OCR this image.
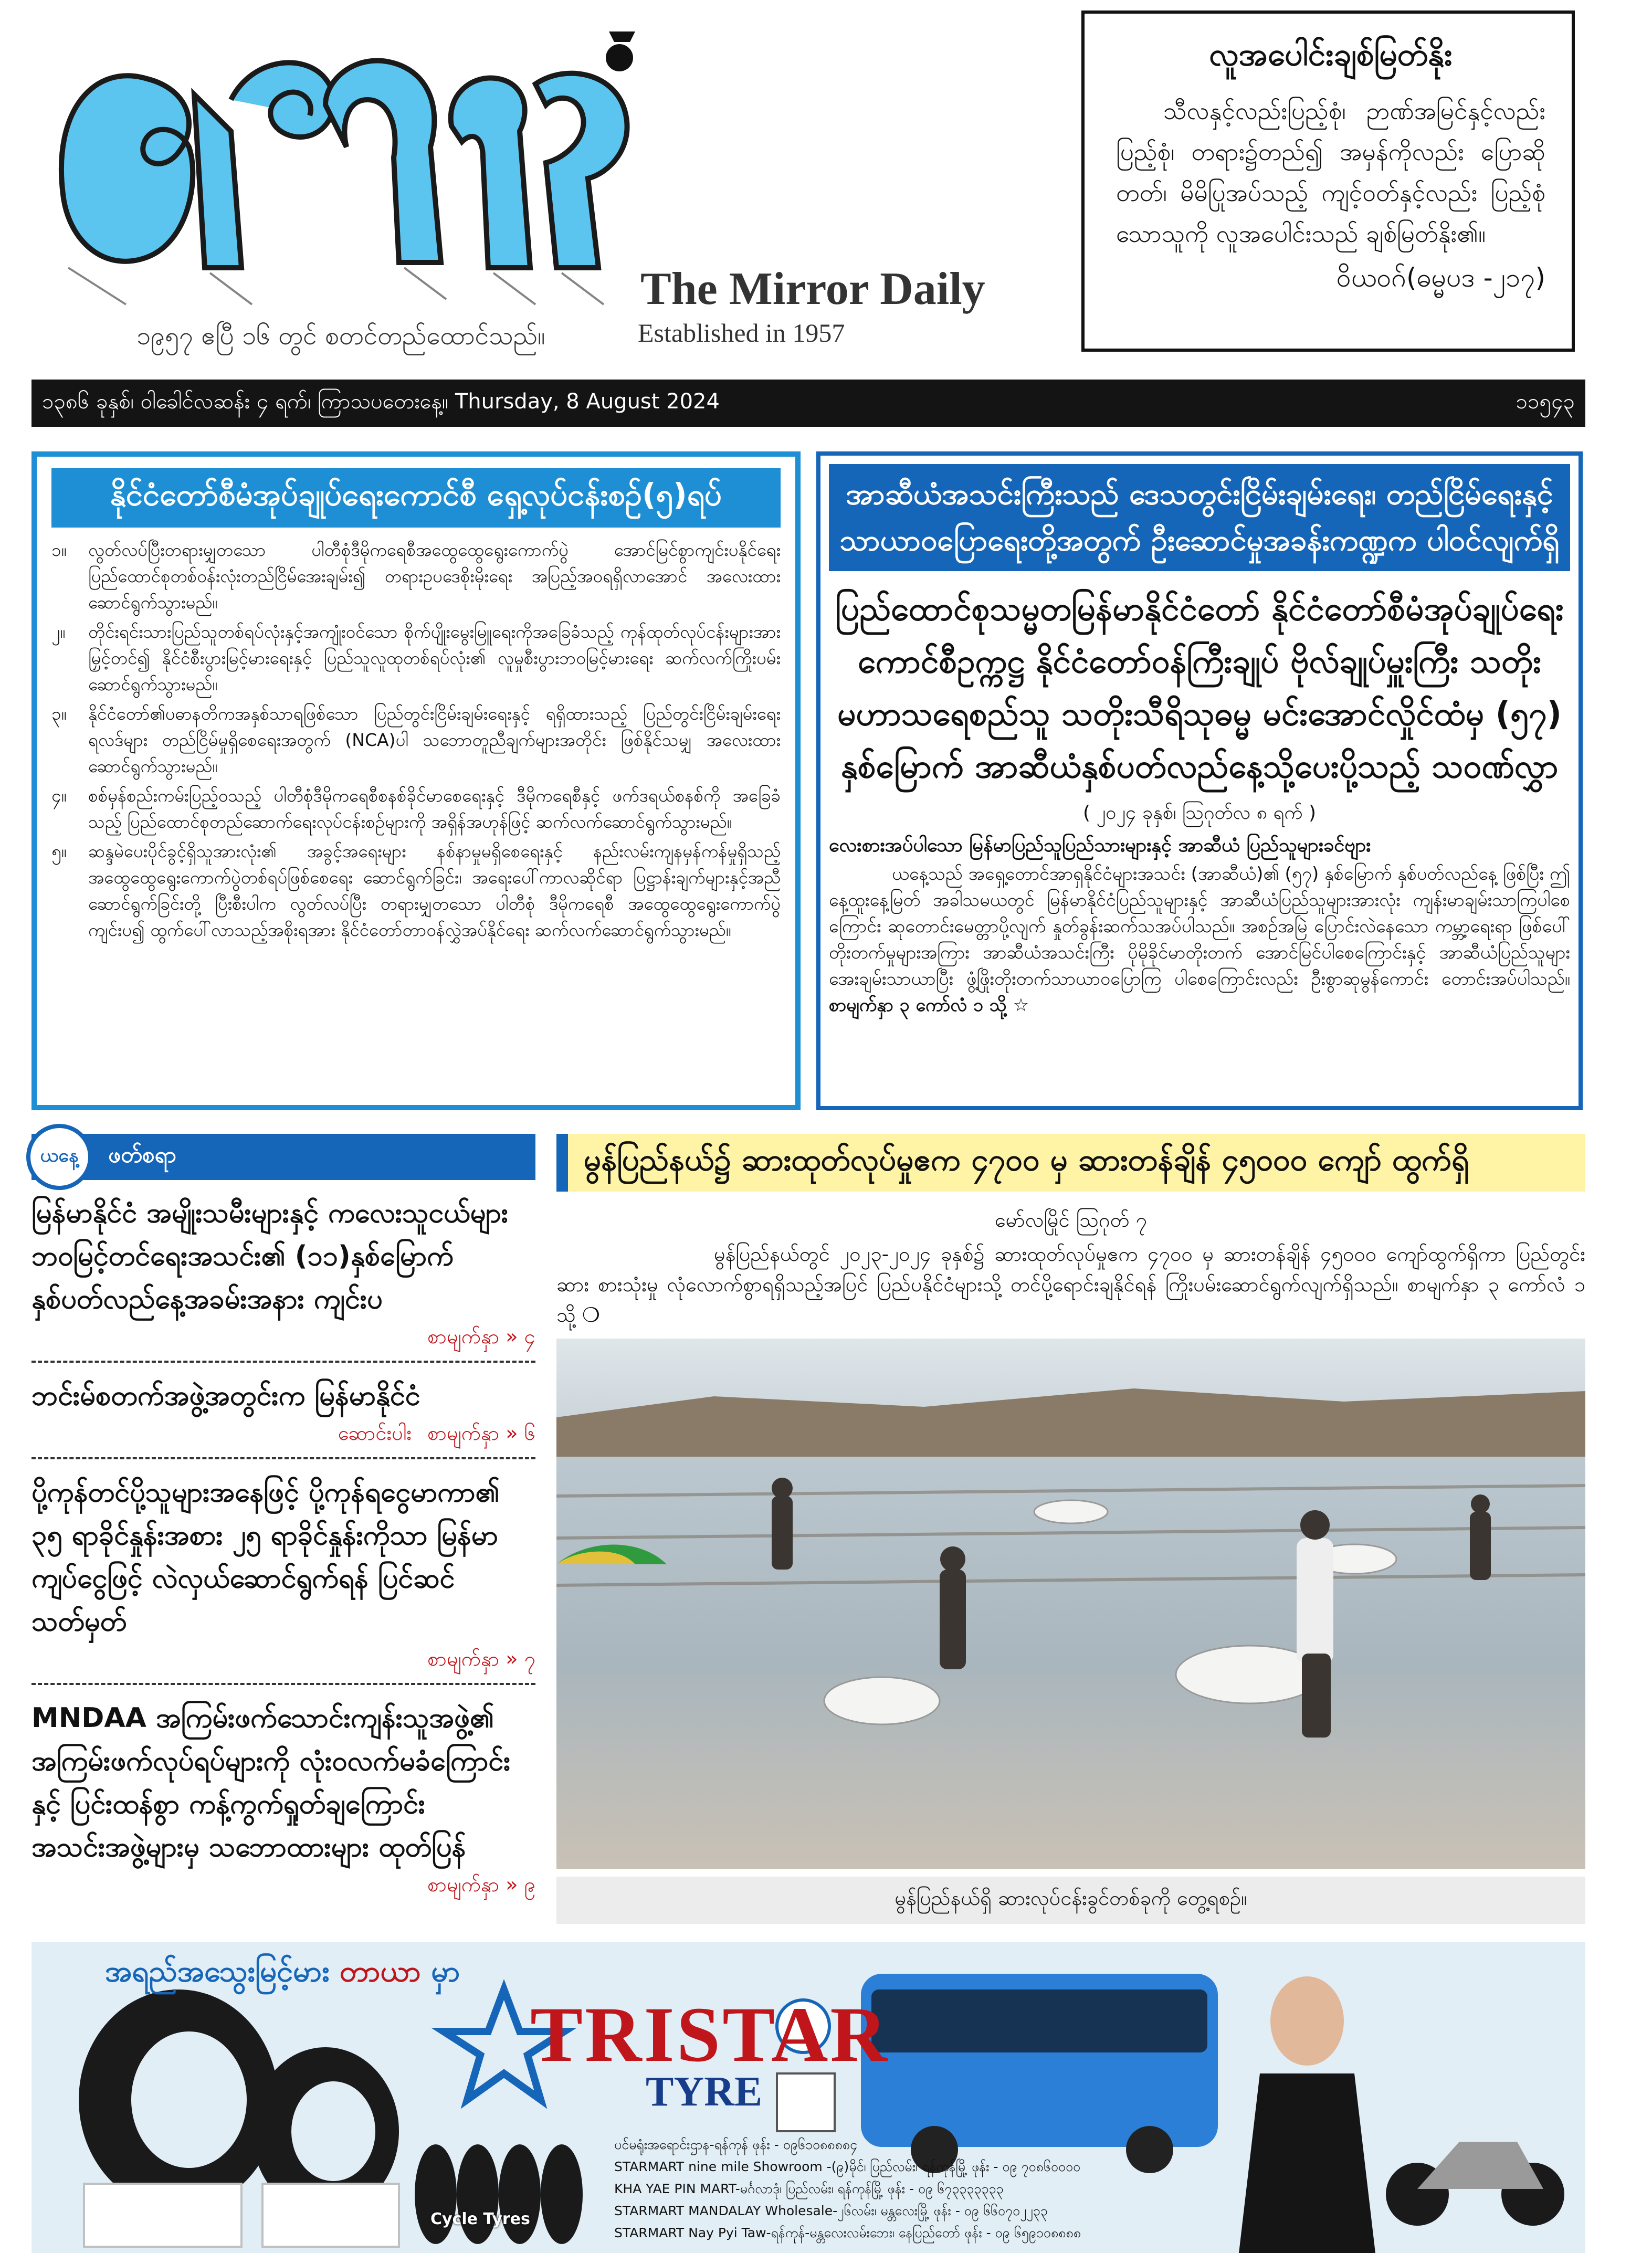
The Mirror Daily
Established in 1957
၁၉၅၇ ဧပြီ ၁၆ တွင် စတင်တည်ထောင်သည်။
လူအပေါင်းချစ်မြတ်နိုး
သီလနှင့်လည်းပြည့်စုံ၊ ဉာဏ်အမြင်နှင့်လည်း ပြည့်စုံ၊ တရား၌တည်၍ အမှန်ကိုလည်း ပြောဆိုတတ်၊ မိမိပြုအပ်သည့် ကျင့်ဝတ်နှင့်လည်း ပြည့်စုံသောသူကို လူအပေါင်းသည် ချစ်မြတ်နိုး၏။
ဝိယဝဂ်(ဓမ္မပဒ -၂၁၇)
၁၃၈၆ ခုနှစ်၊ ဝါခေါင်လဆန်း ၄ ရက်၊ ကြာသပတေးနေ့။ Thursday, 8 August 2024	၁၁၅၄၃
နိုင်ငံတော်စီမံအုပ်ချုပ်ရေးကောင်စီ ရှေ့လုပ်ငန်းစဉ်(၅)ရပ်
၁။	လွတ်လပ်ပြီးတရားမျှတသော ပါတီစုံဒီမိုကရေစီအထွေထွေရွေးကောက်ပွဲ အောင်မြင်စွာကျင်းပနိုင်ရေး ပြည်ထောင်စုတစ်ဝန်းလုံးတည်ငြိမ်အေးချမ်း၍ တရားဥပဒေစိုးမိုးရေး အပြည့်အဝရရှိလာအောင် အလေးထားဆောင်ရွက်သွားမည်။
၂။	တိုင်းရင်းသားပြည်သူတစ်ရပ်လုံးနှင့်အကျုံးဝင်သော စိုက်ပျိုးမွေးမြူရေးကိုအခြေခံသည့် ကုန်ထုတ်လုပ်ငန်းများအားမြှင့်တင်၍ နိုင်ငံစီးပွားမြင့်မားရေးနှင့် ပြည်သူလူထုတစ်ရပ်လုံး၏ လူမှုစီးပွားဘဝမြင့်မားရေး ဆက်လက်ကြိုးပမ်းဆောင်ရွက်သွားမည်။
၃။	နိုင်ငံတော်၏ပဓာနတိကအနှစ်သာရဖြစ်သော ပြည်တွင်းငြိမ်းချမ်းရေးနှင့် ရရှိထားသည့် ပြည်တွင်းငြိမ်းချမ်းရေးရလဒ်များ တည်ငြိမ်မှုရှိစေရေးအတွက် (NCA)ပါ သဘောတူညီချက်များအတိုင်း ဖြစ်နိုင်သမျှ အလေးထားဆောင်ရွက်သွားမည်။
၄။	စစ်မှန်စည်းကမ်းပြည့်ဝသည့် ပါတီစုံဒီမိုကရေစီစနစ်ခိုင်မာစေရေးနှင့် ဒီမိုကရေစီနှင့် ဖက်ဒရယ်စနစ်ကို အခြေခံသည့် ပြည်ထောင်စုတည်ဆောက်ရေးလုပ်ငန်းစဉ်များကို အရှိန်အဟုန်ဖြင့် ဆက်လက်ဆောင်ရွက်သွားမည်။
၅။	ဆန္ဒမဲပေးပိုင်ခွင့်ရှိသူအားလုံး၏ အခွင့်အရေးများ နစ်နာမှုမရှိစေရေးနှင့် နည်းလမ်းကျနမှန်ကန်မှုရှိသည့် အထွေထွေရွေးကောက်ပွဲတစ်ရပ်ဖြစ်စေရေး ဆောင်ရွက်ခြင်း၊ အရေးပေါ်ကာလဆိုင်ရာ ပြဋ္ဌာန်းချက်များနှင့်အညီ ဆောင်ရွက်ခြင်းတို့ ပြီးစီးပါက လွတ်လပ်ပြီး တရားမျှတသော ပါတီစုံ ဒီမိုကရေစီ အထွေထွေရွေးကောက်ပွဲကျင်းပ၍ ထွက်ပေါ်လာသည့်အစိုးရအား နိုင်ငံတော်တာဝန်လွှဲအပ်နိုင်ရေး ဆက်လက်ဆောင်ရွက်သွားမည်။
အာဆီယံအသင်းကြီးသည် ဒေသတွင်းငြိမ်းချမ်းရေး၊ တည်ငြိမ်ရေးနှင့် သာယာဝပြောရေးတို့အတွက် ဦးဆောင်မှုအခန်းကဏ္ဍက ပါဝင်လျက်ရှိ
ပြည်ထောင်စုသမ္မတမြန်မာနိုင်ငံတော် နိုင်ငံတော်စီမံအုပ်ချုပ်ရေး ကောင်စီဥက္ကဋ္ဌ နိုင်ငံတော်ဝန်ကြီးချုပ် ဗိုလ်ချုပ်မှူးကြီး သတိုးမဟာသရေစည်သူ သတိုးသီရိသုဓမ္မ မင်းအောင်လှိုင်ထံမှ (၅၇) နှစ်မြောက် အာဆီယံနှစ်ပတ်လည်နေ့သို့ပေးပို့သည့် သဝဏ်လွှာ
( ၂၀၂၄ ခုနှစ်၊ ဩဂုတ်လ ၈ ရက် )
လေးစားအပ်ပါသော မြန်မာပြည်သူပြည်သားများနှင့် အာဆီယံ ပြည်သူများခင်ဗျား
ယနေ့သည် အရှေ့တောင်အာရှနိုင်ငံများအသင်း (အာဆီယံ)၏ (၅၇) နှစ်မြောက် နှစ်ပတ်လည်နေ့ ဖြစ်ပြီး ဤနေ့ထူးနေ့မြတ် အခါသမယတွင် မြန်မာနိုင်ငံပြည်သူများနှင့် အာဆီယံပြည်သူများအားလုံး ကျန်းမာချမ်းသာကြပါစေကြောင်း ဆုတောင်းမေတ္တာပို့လျက် နှုတ်ခွန်းဆက်သအပ်ပါသည်။ အစဉ်အမြဲ ပြောင်းလဲနေသော ကမ္ဘာ့ရေးရာ ဖြစ်ပေါ်တိုးတက်မှုများအကြား အာဆီယံအသင်းကြီး ပိုမိုခိုင်မာတိုးတက် အောင်မြင်ပါစေကြောင်းနှင့် အာဆီယံပြည်သူများ အေးချမ်းသာယာပြီး ဖွံ့ဖြိုးတိုးတက်သာယာဝပြောကြ ပါစေကြောင်းလည်း ဦးစွာဆုမွန်ကောင်း တောင်းအပ်ပါသည်။ စာမျက်နှာ ၃ ကော်လံ ၁ သို့ ☆
ယနေ့	ဖတ်စရာ
မြန်မာနိုင်ငံ အမျိုးသမီးများနှင့် ကလေးသူငယ်များ ဘဝမြင့်တင်ရေးအသင်း၏ (၁၁)နှစ်မြောက် နှစ်ပတ်လည်နေ့အခမ်းအနား ကျင်းပ
စာမျက်နှာ » ၄
ဘင်းမ်စတက်အဖွဲ့အတွင်းက မြန်မာနိုင်ငံ
ဆောင်းပါး စာမျက်နှာ » ၆
ပို့ကုန်တင်ပို့သူများအနေဖြင့် ပို့ကုန်ရငွေမာကာ၏ ၃၅ ရာခိုင်နှုန်းအစား ၂၅ ရာခိုင်နှုန်းကိုသာ မြန်မာကျပ်ငွေဖြင့် လဲလှယ်ဆောင်ရွက်ရန် ပြင်ဆင်သတ်မှတ်
စာမျက်နှာ » ၇
MNDAA အကြမ်းဖက်သောင်းကျန်းသူအဖွဲ့၏ အကြမ်းဖက်လုပ်ရပ်များကို လုံးဝလက်မခံကြောင်းနှင့် ပြင်းထန်စွာ ကန့်ကွက်ရှုတ်ချကြောင်း အသင်းအဖွဲ့များမှ သဘောထားများ ထုတ်ပြန်
စာမျက်နှာ » ၉
မွန်ပြည်နယ်၌ ဆားထုတ်လုပ်မှုဧက ၄၇၀၀ မှ ဆားတန်ချိန် ၄၅၀၀၀ ကျော် ထွက်ရှိ
မော်လမြိုင် ဩဂုတ် ၇
မွန်ပြည်နယ်တွင် ၂၀၂၃-၂၀၂၄ ခုနှစ်၌ ဆားထုတ်လုပ်မှုဧက ၄၇၀၀ မှ ဆားတန်ချိန် ၄၅၀၀၀ ကျော်ထွက်ရှိကာ ပြည်တွင်းဆား စားသုံးမှု လုံလောက်စွာရရှိသည့်အပြင် ပြည်ပနိုင်ငံများသို့ တင်ပို့ရောင်းချနိုင်ရန် ကြိုးပမ်းဆောင်ရွက်လျက်ရှိသည်။ စာမျက်နှာ ၃ ကော်လံ ၁ သို့ ❍
မွန်ပြည်နယ်ရှိ ဆားလုပ်ငန်းခွင်တစ်ခုကို တွေ့ရစဉ်။
အရည်အသွေးမြင့်မား တာယာ မှာ
TRISTAR
TYRE
Cycle Tyres
ပင်မရုံးအရောင်းဌာန-ရန်ကုန် ဖုန်း - ၀၉၆၁၀၈၈၈၈၄
STARMART nine mile Showroom -(၉)မိုင်၊ ပြည်လမ်း၊ ရန်ကုန်မြို့ ဖုန်း - ၀၉ ၇၀၈၆၀၀၀၀
KHA YAE PIN MART-မင်္ဂလာဒုံ၊ ပြည်လမ်း၊ ရန်ကုန်မြို့ ဖုန်း - ၀၉ ၆၇၃၃၃၃၃၃၃
STARMART MANDALAY Wholesale-၂၆လမ်း၊ မန္တလေးမြို့ ဖုန်း - ၀၉ ၆၆၀၇၀၂၂၃၃
STARMART Nay Pyi Taw-ရန်ကုန်-မန္တလေးလမ်းဘေး၊ နေပြည်တော် ဖုန်း - ၀၉ ၆၅၉၁၀၈၈၈၈
